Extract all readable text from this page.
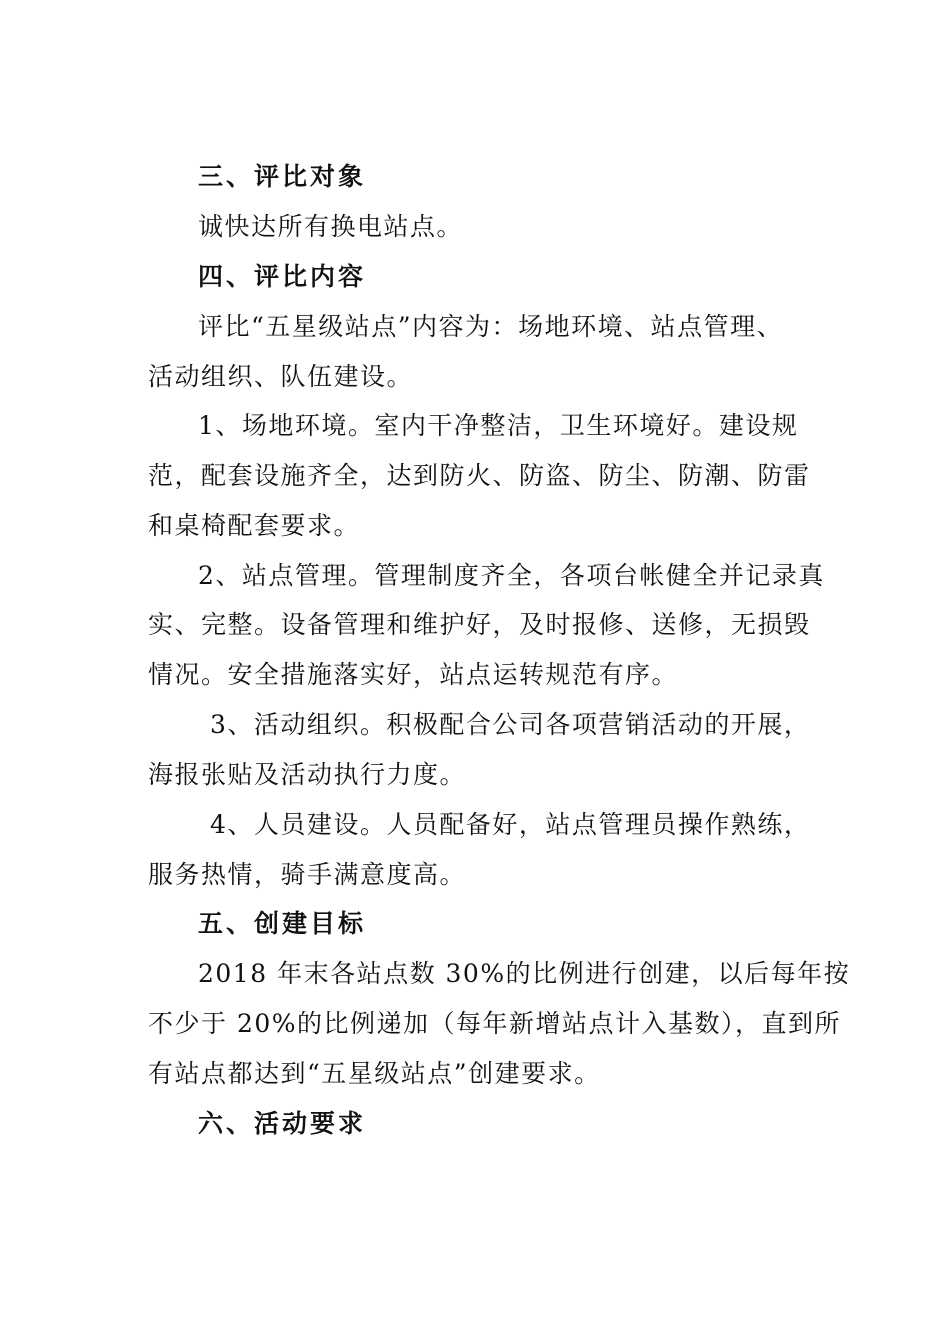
三、评比对象
诚快达所有换电站点。
四、评比内容
评比“五星级站点”内容为：场地环境、站点管理、
活动组织、队伍建设。
1、场地环境。室内干净整洁，卫生环境好。建设规
范，配套设施齐全，达到防火、防盗、防尘、防潮、防雷
和桌椅配套要求。
2、站点管理。管理制度齐全，各项台帐健全并记录真
实、完整。设备管理和维护好，及时报修、送修，无损毁
情况。安全措施落实好，站点运转规范有序。
3、活动组织。积极配合公司各项营销活动的开展，
海报张贴及活动执行力度。
4、人员建设。人员配备好，站点管理员操作熟练，
服务热情，骑手满意度高。
五、创建目标
2018 年末各站点数 30%的比例进行创建，以后每年按
不少于 20%的比例递加（每年新增站点计入基数），直到所
有站点都达到“五星级站点”创建要求。
六、活动要求
